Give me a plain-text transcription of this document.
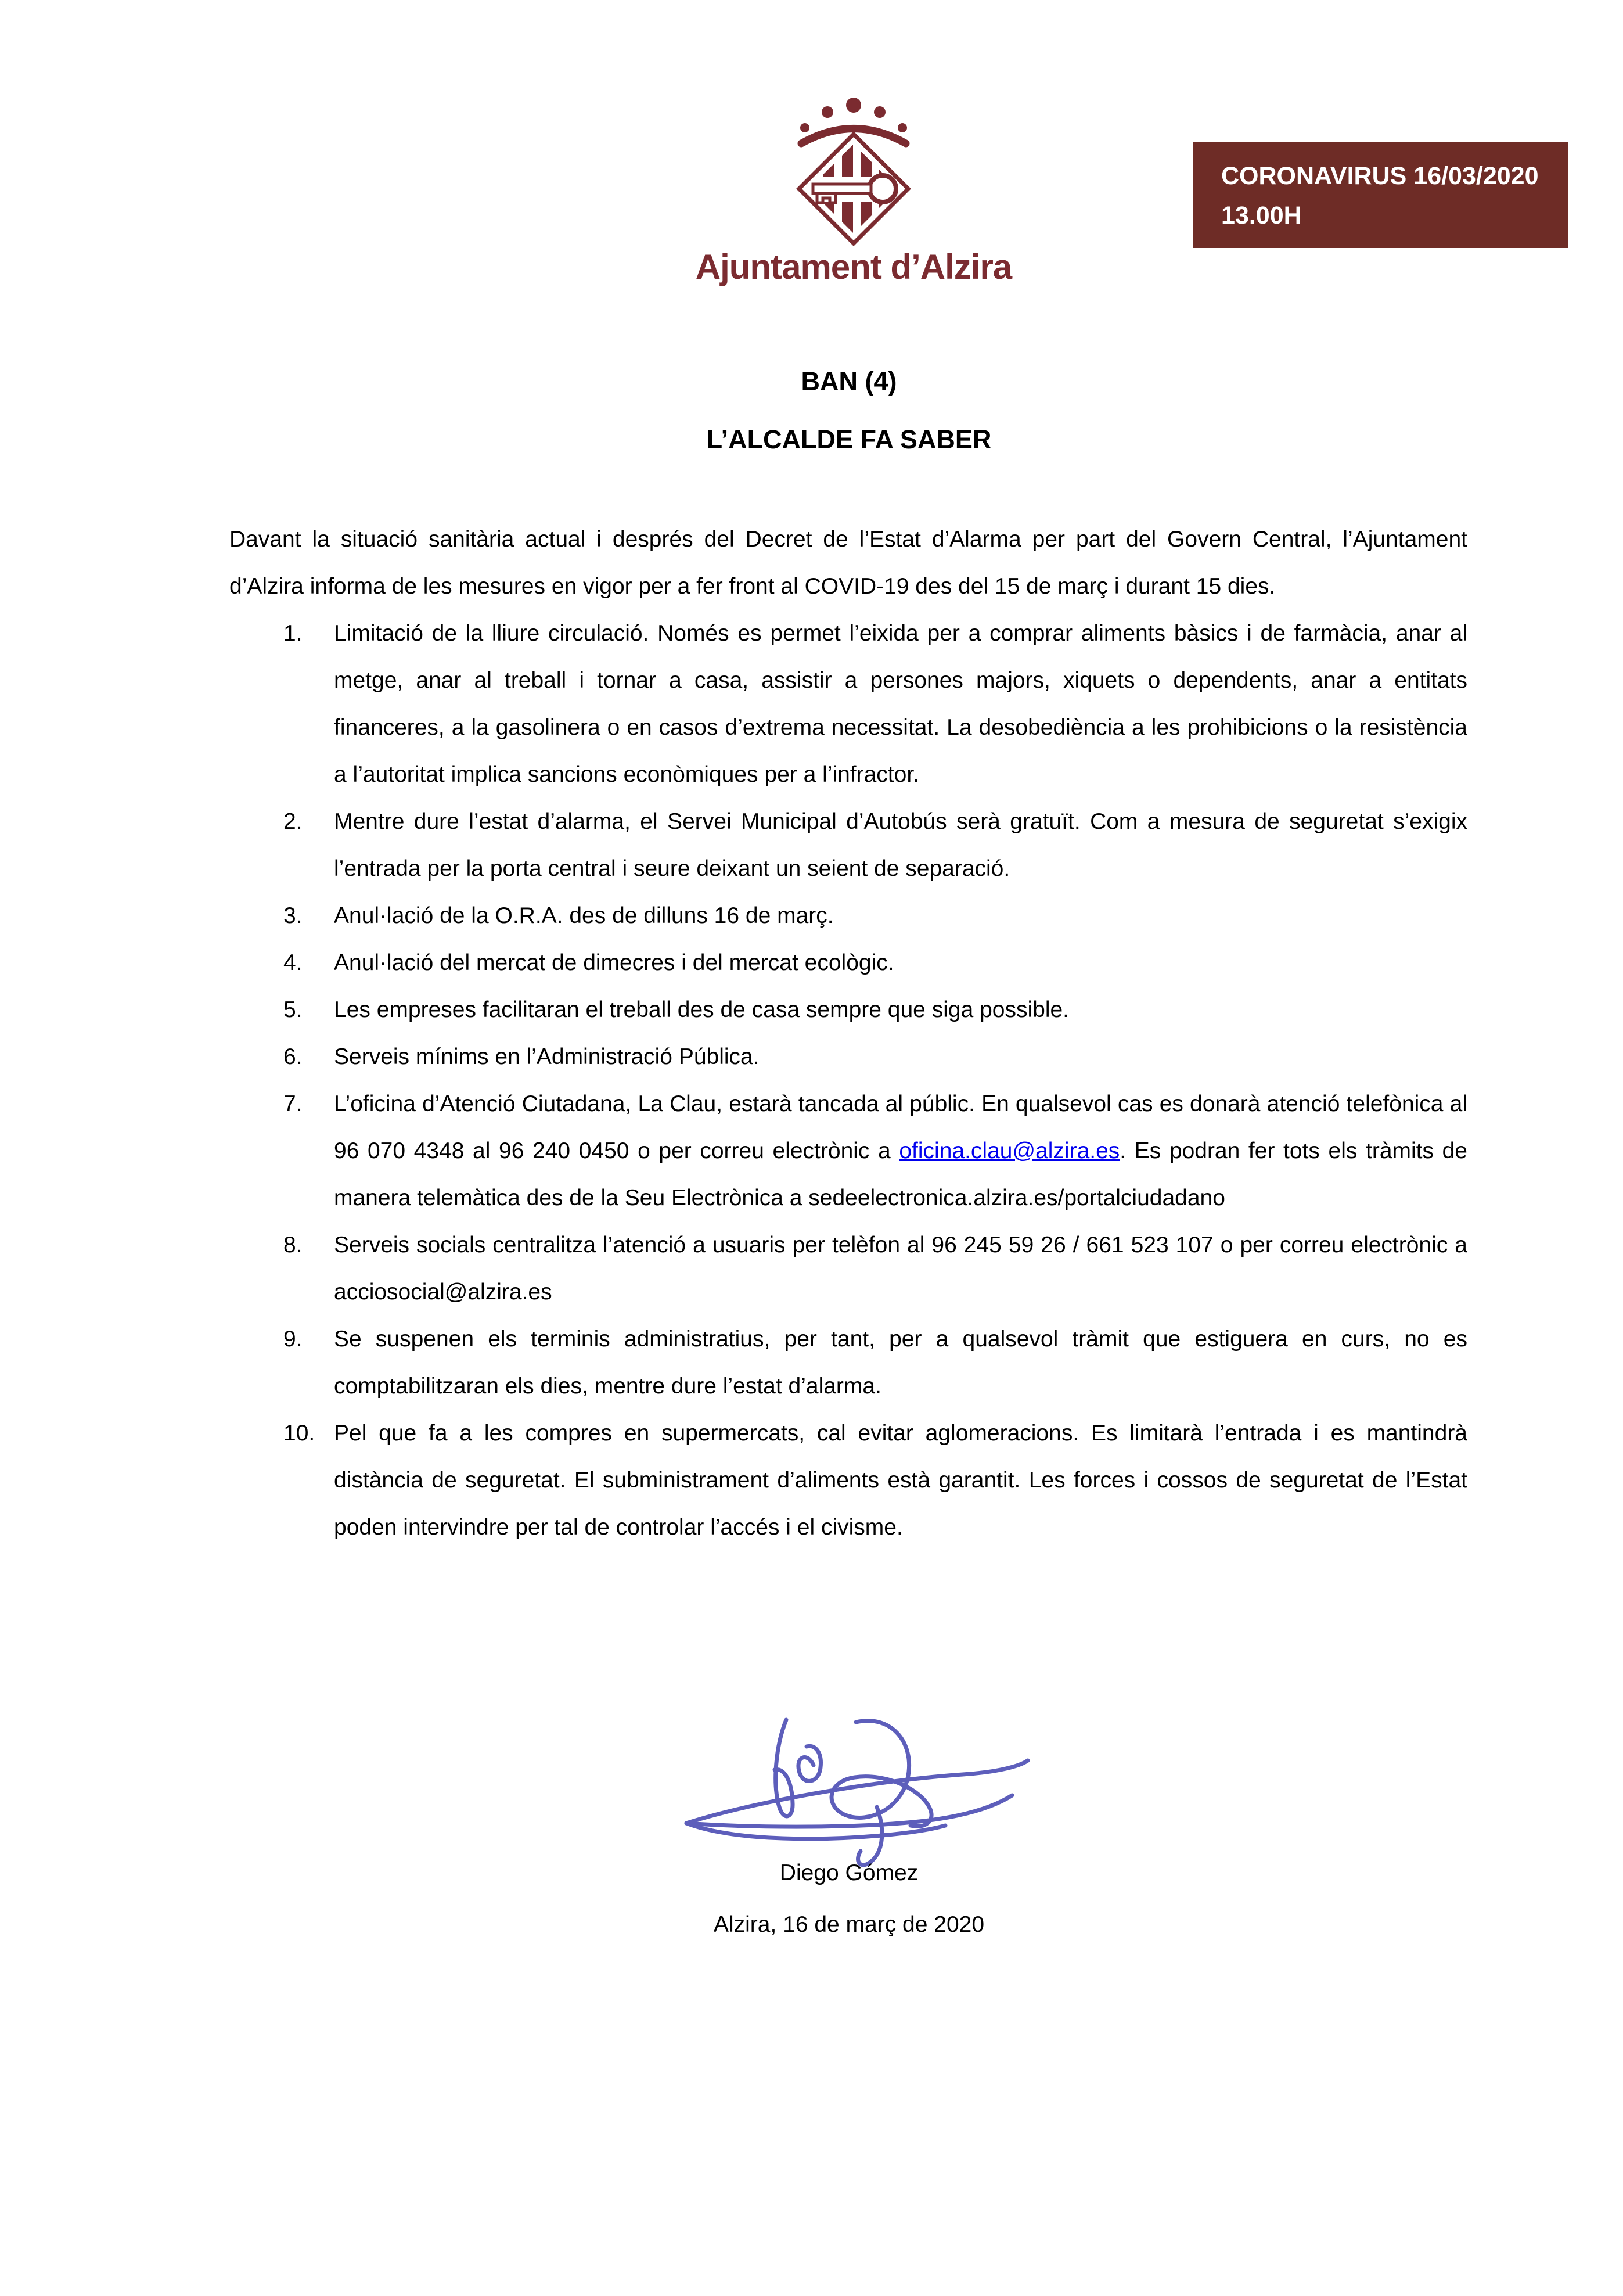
Ajuntament d’Alzira
CORONAVIRUS 16/03/2020
13.00H
BAN (4)
L’ALCALDE FA SABER

Davant la situació sanitària actual i després del Decret de l’Estat d’Alarma per part del Govern Central, l’Ajuntament d’Alzira informa de les mesures en vigor per a fer front al COVID-19 des del 15 de març i durant 15 dies.

1. Limitació de la lliure circulació. Només es permet l’eixida per a comprar aliments bàsics i de farmàcia, anar al metge, anar al treball i tornar a casa, assistir a persones majors, xiquets o dependents, anar a entitats financeres, a la gasolinera o en casos d’extrema necessitat. La desobediència a les prohibicions o la resistència a l’autoritat implica sancions econòmiques per a l’infractor.
2. Mentre dure l’estat d’alarma, el Servei Municipal d’Autobús serà gratuït. Com a mesura de seguretat s’exigix l’entrada per la porta central i seure deixant un seient de separació.
3. Anul·lació de la O.R.A. des de dilluns 16 de març.
4. Anul·lació del mercat de dimecres i del mercat ecològic.
5. Les empreses facilitaran el treball des de casa sempre que siga possible.
6. Serveis mínims en l’Administració Pública.
7. L’oficina d’Atenció Ciutadana, La Clau, estarà tancada al públic. En qualsevol cas es donarà atenció telefònica al 96 070 4348 al 96 240 0450 o per correu electrònic a oficina.clau@alzira.es. Es podran fer tots els tràmits de manera telemàtica des de la Seu Electrònica a sedeelectronica.alzira.es/portalciudadano
8. Serveis socials centralitza l’atenció a usuaris per telèfon al 96 245 59 26 / 661 523 107 o per correu electrònic a acciosocial@alzira.es
9. Se suspenen els terminis administratius, per tant, per a qualsevol tràmit que estiguera en curs, no es comptabilitzaran els dies, mentre dure l’estat d’alarma.
10. Pel que fa a les compres en supermercats, cal evitar aglomeracions. Es limitarà l’entrada i es mantindrà distància de seguretat. El subministrament d’aliments està garantit. Les forces i cossos de seguretat de l’Estat poden intervindre per tal de controlar l’accés i el civisme.
Diego Gómez
Alzira, 16 de març de 2020
